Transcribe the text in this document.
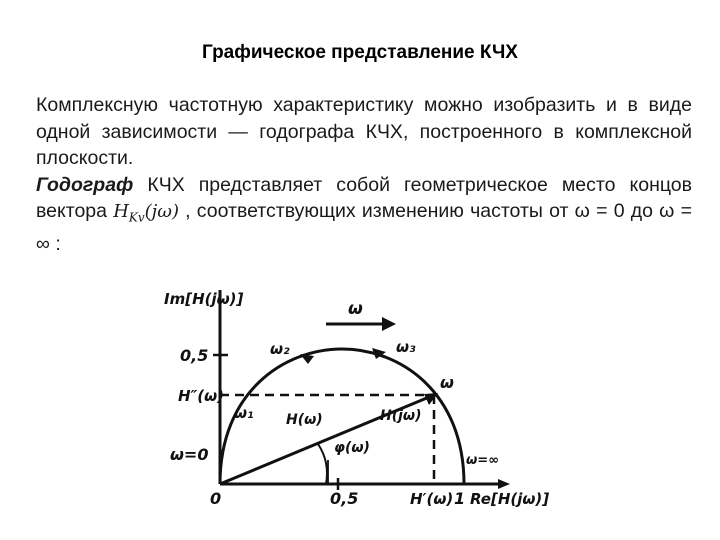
Графическое представление КЧХ

Комплексную частотную характеристику можно изобразить и в виде одной зависимости — годографа КЧХ, построенного в комплексной плоскости.

Годограф КЧХ представляет собой геометрическое место концов вектора $H_{Kv}(j\omega)$ , соответствующих изменению частоты от ω = 0 до ω = ∞ :

Im[H(jω)]
0,5
H″(ω)
ω=0
0	0,5	H′(ω) 1 Re[H(jω)]
ω
ω₂	ω₃
ω
ω₁
ω=∞
H(ω)	H(jω)
φ(ω)
